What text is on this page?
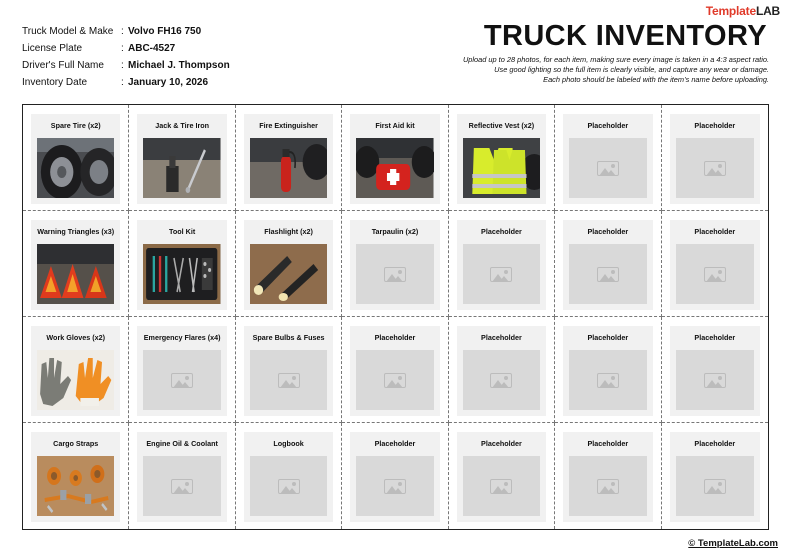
TemplateLAB
Truck Model & Make : Volvo FH16 750
License Plate	: ABC-4527
Driver's Full Name	: Michael J. Thompson
Inventory Date	: January 10, 2026
TRUCK INVENTORY
Upload up to 28 photos, for each item, making sure every image is taken in a 4:3 aspect ratio.
Use good lighting so the full item is clearly visible, and capture any wear or damage.
Each photo should be labeled with the item’s name before uploading.
Spare Tire (x2)	Jack & Tire Iron	Fire Extinguisher	First Aid kit	Reflective Vest (x2)	Placeholder	Placeholder
Warning Triangles (x3)	Tool Kit	Flashlight (x2)	Tarpaulin (x2)	Placeholder	Placeholder	Placeholder
Work Gloves (x2)	Emergency Flares (x4)	Spare Bulbs & Fuses	Placeholder	Placeholder	Placeholder	Placeholder
Cargo Straps	Engine Oil & Coolant	Logbook	Placeholder	Placeholder	Placeholder	Placeholder
© TemplateLab.com
